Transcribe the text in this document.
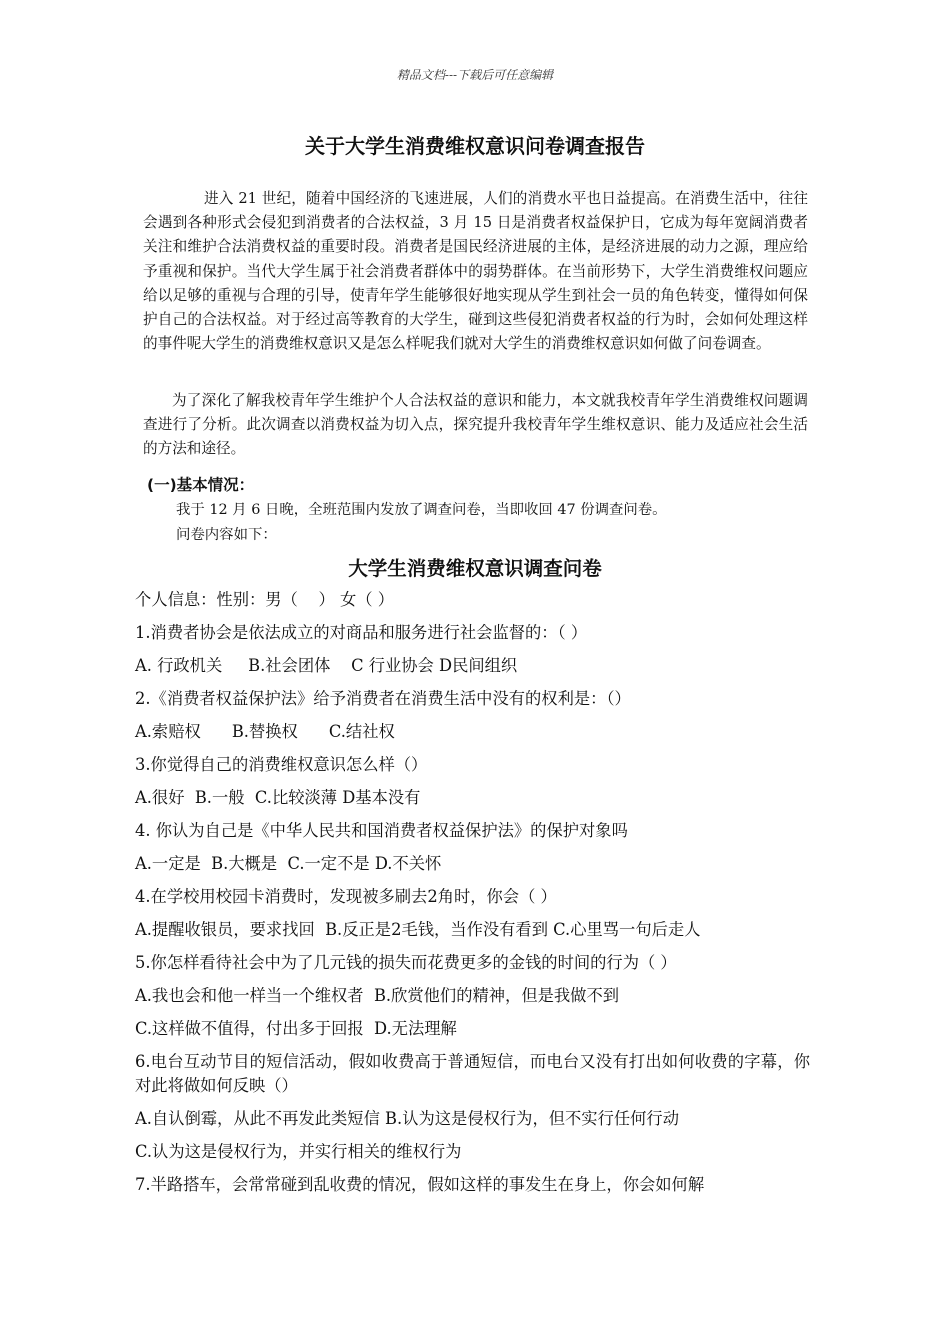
精品文档---下载后可任意编辑
关于大学生消费维权意识问卷调查报告

进入 21 世纪，随着中国经济的飞速进展，人们的消费水平也日益提高。在消费生活中，往往会遇到各种形式会侵犯到消费者的合法权益，3 月 15 日是消费者权益保护日，它成为每年宽阔消费者关注和维护合法消费权益的重要时段。消费者是国民经济进展的主体，是经济进展的动力之源，理应给予重视和保护。当代大学生属于社会消费者群体中的弱势群体。在当前形势下，大学生消费维权问题应给以足够的重视与合理的引导，使青年学生能够很好地实现从学生到社会一员的角色转变，懂得如何保护自己的合法权益。对于经过高等教育的大学生，碰到这些侵犯消费者权益的行为时，会如何处理这样的事件呢大学生的消费维权意识又是怎么样呢我们就对大学生的消费维权意识如何做了问卷调查。

为了深化了解我校青年学生维护个人合法权益的意识和能力，本文就我校青年学生消费维权问题调查进行了分析。此次调查以消费权益为切入点，探究提升我校青年学生维权意识、能力及适应社会生活的方法和途径。

(一)基本情况：

我于 12 月 6 日晚，全班范围内发放了调查问卷，当即收回 47 份调查问卷。

问卷内容如下：

大学生消费维权意识调查问卷

个人信息：性别：男（    ） 女（ ）

1.消费者协会是依法成立的对商品和服务进行社会监督的：（ ）

A. 行政机关     B.社会团体    C 行业协会 D民间组织

2.《消费者权益保护法》给予消费者在消费生活中没有的权利是：（）

A.索赔权      B.替换权      C.结社权

3.你觉得自己的消费维权意识怎么样（）

A.很好  B.一般  C.比较淡薄 D基本没有

4. 你认为自己是《中华人民共和国消费者权益保护法》的保护对象吗

A.一定是  B.大概是  C.一定不是 D.不关怀

4.在学校用校园卡消费时，发现被多刷去2角时，你会（ ）

A.提醒收银员，要求找回  B.反正是2毛钱，当作没有看到 C.心里骂一句后走人

5.你怎样看待社会中为了几元钱的损失而花费更多的金钱的时间的行为（ ）

A.我也会和他一样当一个维权者  B.欣赏他们的精神，但是我做不到

C.这样做不值得，付出多于回报  D.无法理解

6.电台互动节目的短信活动，假如收费高于普通短信，而电台又没有打出如何收费的字幕，你对此将做如何反映（）

A.自认倒霉，从此不再发此类短信 B.认为这是侵权行为，但不实行任何行动

C.认为这是侵权行为，并实行相关的维权行为

7.半路搭车，会常常碰到乱收费的情况，假如这样的事发生在身上，你会如何解
